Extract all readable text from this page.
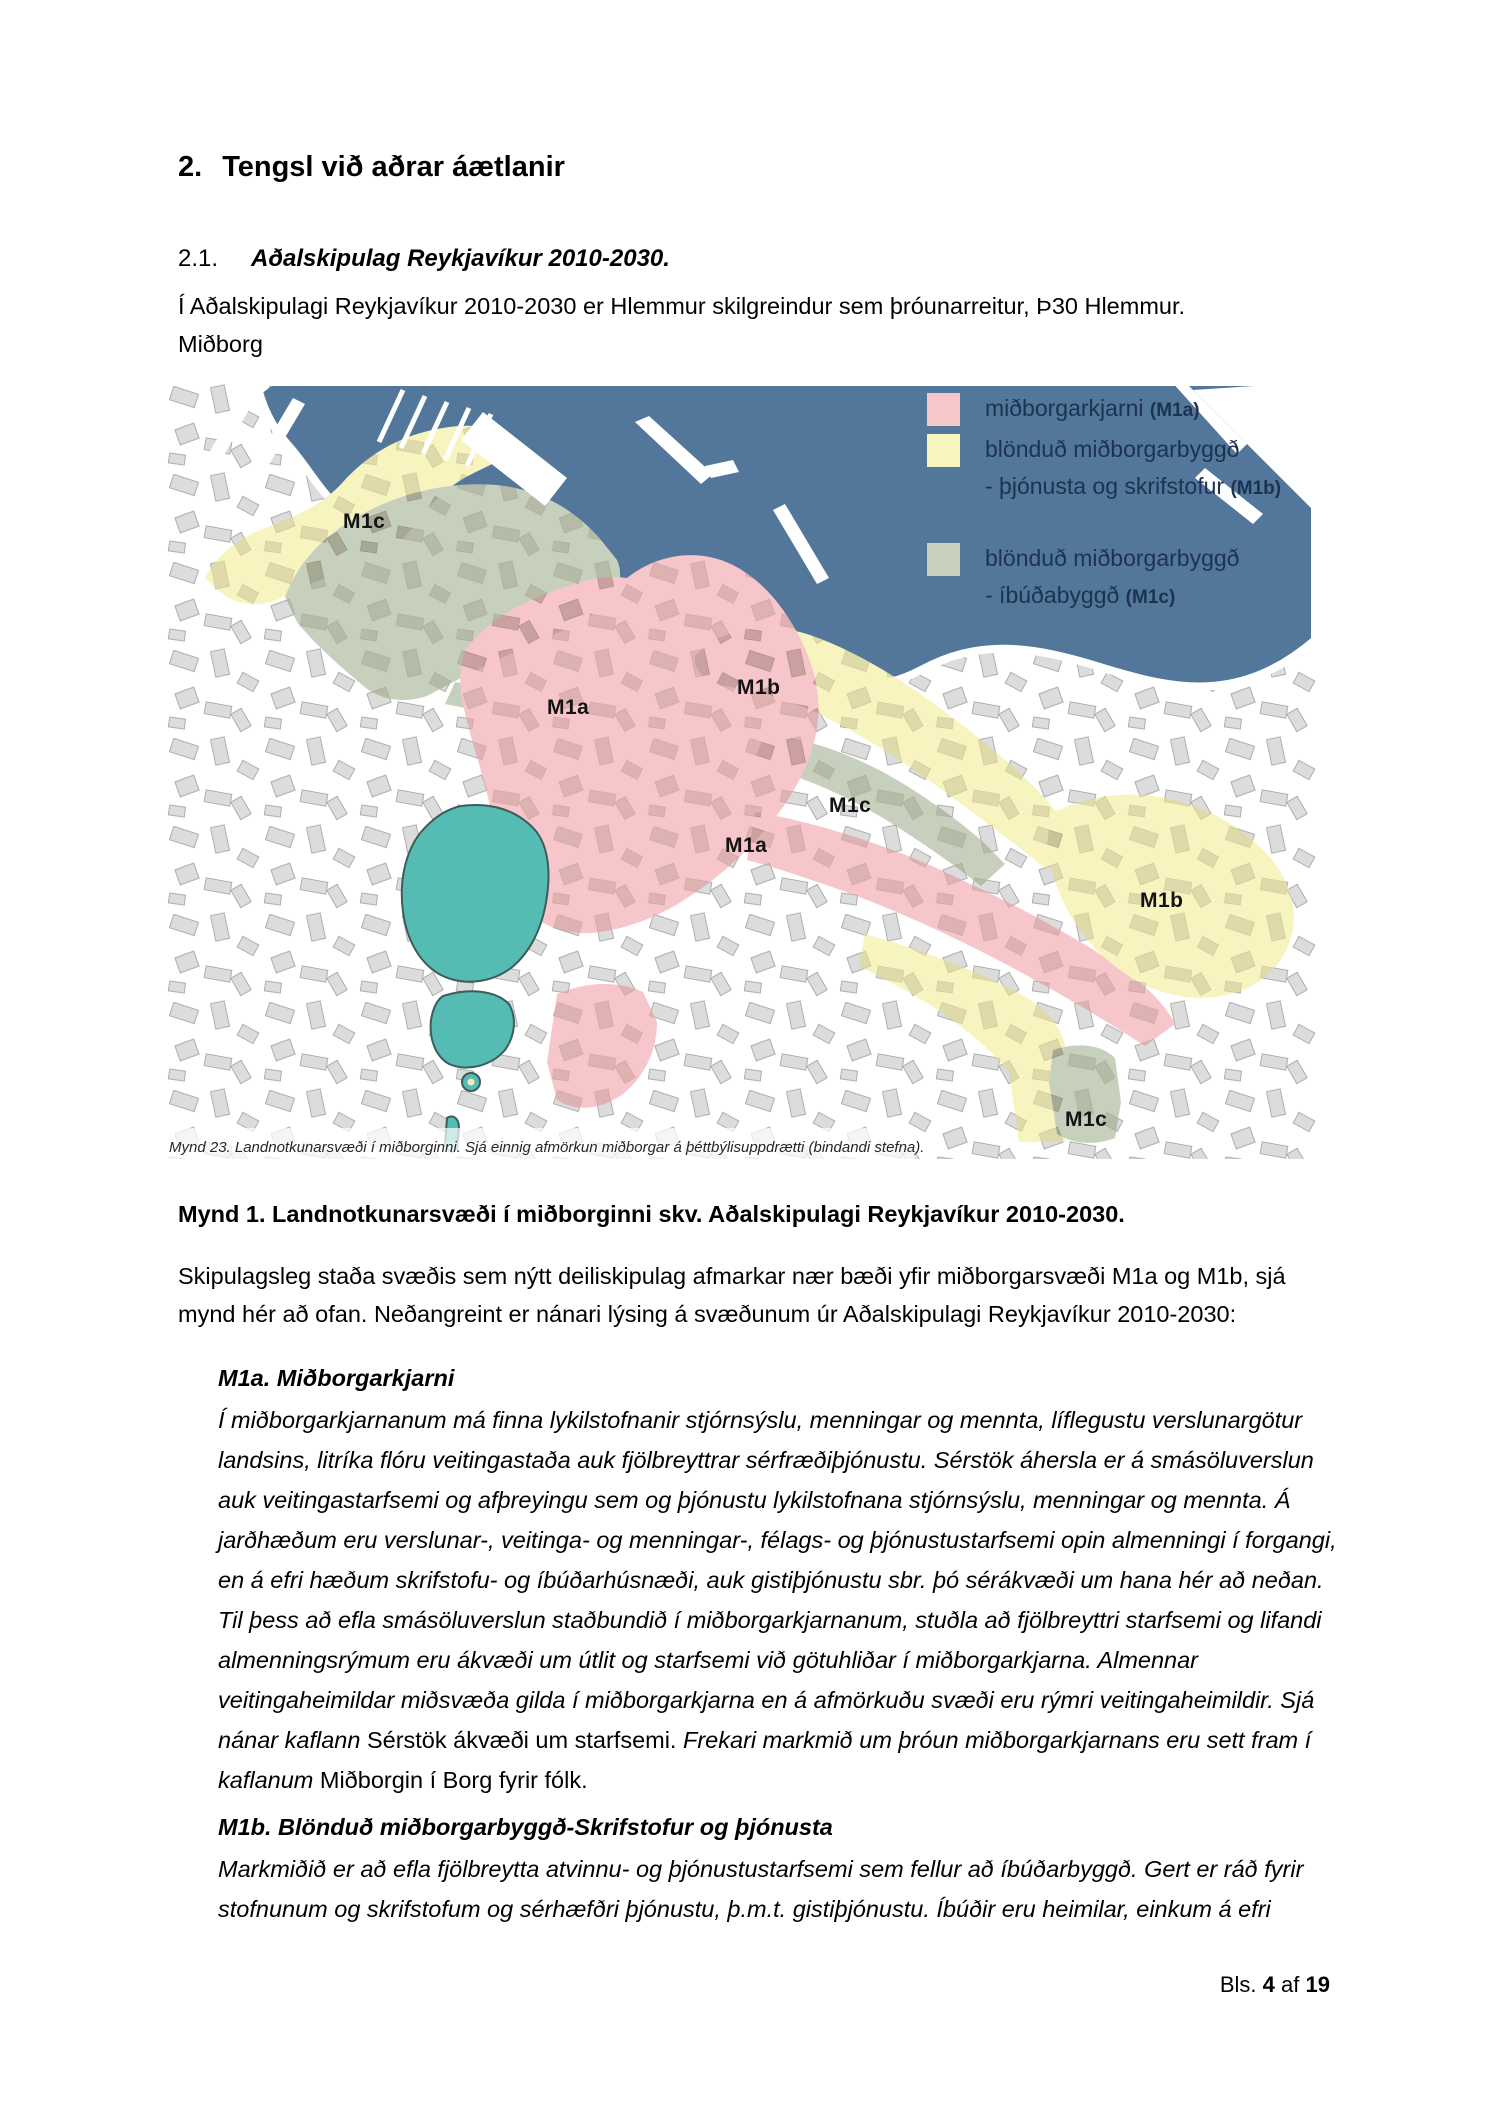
2. Tengsl við aðrar áætlanir
2.1. Aðalskipulag Reykjavíkur 2010-2030.

Í Aðalskipulagi Reykjavíkur 2010-2030 er Hlemmur skilgreindur sem þróunarreitur, Þ30 Hlemmur.
Miðborg

M1c
M1a
M1b
M1c
M1a
M1b
M1c
miðborgarkjarni (M1a)
blönduð miðborgarbyggð
- þjónusta og skrifstofur (M1b)
blönduð miðborgarbyggð
- íbúðabyggð (M1c)
Mynd 23. Landnotkunarsvæði í miðborginni. Sjá einnig afmörkun miðborgar á þéttbýlisuppdrætti (bindandi stefna).

Mynd 1. Landnotkunarsvæði í miðborginni skv. Aðalskipulagi Reykjavíkur 2010-2030.

Skipulagsleg staða svæðis sem nýtt deiliskipulag afmarkar nær bæði yfir miðborgarsvæði M1a og M1b, sjá mynd hér að ofan. Neðangreint er nánari lýsing á svæðunum úr Aðalskipulagi Reykjavíkur 2010-2030:

M1a. Miðborgarkjarni

Í miðborgarkjarnanum má finna lykilstofnanir stjórnsýslu, menningar og mennta, líflegustu verslunargötur landsins, litríka flóru veitingastaða auk fjölbreyttrar sérfræðiþjónustu. Sérstök áhersla er á smásöluverslun auk veitingastarfsemi og afþreyingu sem og þjónustu lykilstofnana stjórnsýslu, menningar og mennta. Á jarðhæðum eru verslunar-, veitinga- og menningar-, félags- og þjónustustarfsemi opin almenningi í forgangi, en á efri hæðum skrifstofu- og íbúðarhúsnæði, auk gistiþjónustu sbr. þó sérákvæði um hana hér að neðan. Til þess að efla smásöluverslun staðbundið í miðborgarkjarnanum, stuðla að fjölbreyttri starfsemi og lifandi almenningsrýmum eru ákvæði um útlit og starfsemi við götuhliðar í miðborgarkjarna. Almennar veitingaheimildar miðsvæða gilda í miðborgarkjarna en á afmörkuðu svæði eru rýmri veitingaheimildir. Sjá nánar kaflann Sérstök ákvæði um starfsemi. Frekari markmið um þróun miðborgarkjarnans eru sett fram í kaflanum Miðborgin í Borg fyrir fólk.

M1b. Blönduð miðborgarbyggð-Skrifstofur og þjónusta

Markmiðið er að efla fjölbreytta atvinnu- og þjónustustarfsemi sem fellur að íbúðarbyggð. Gert er ráð fyrir stofnunum og skrifstofum og sérhæfðri þjónustu, þ.m.t. gistiþjónustu. Íbúðir eru heimilar, einkum á efri

Bls. 4 af 19
